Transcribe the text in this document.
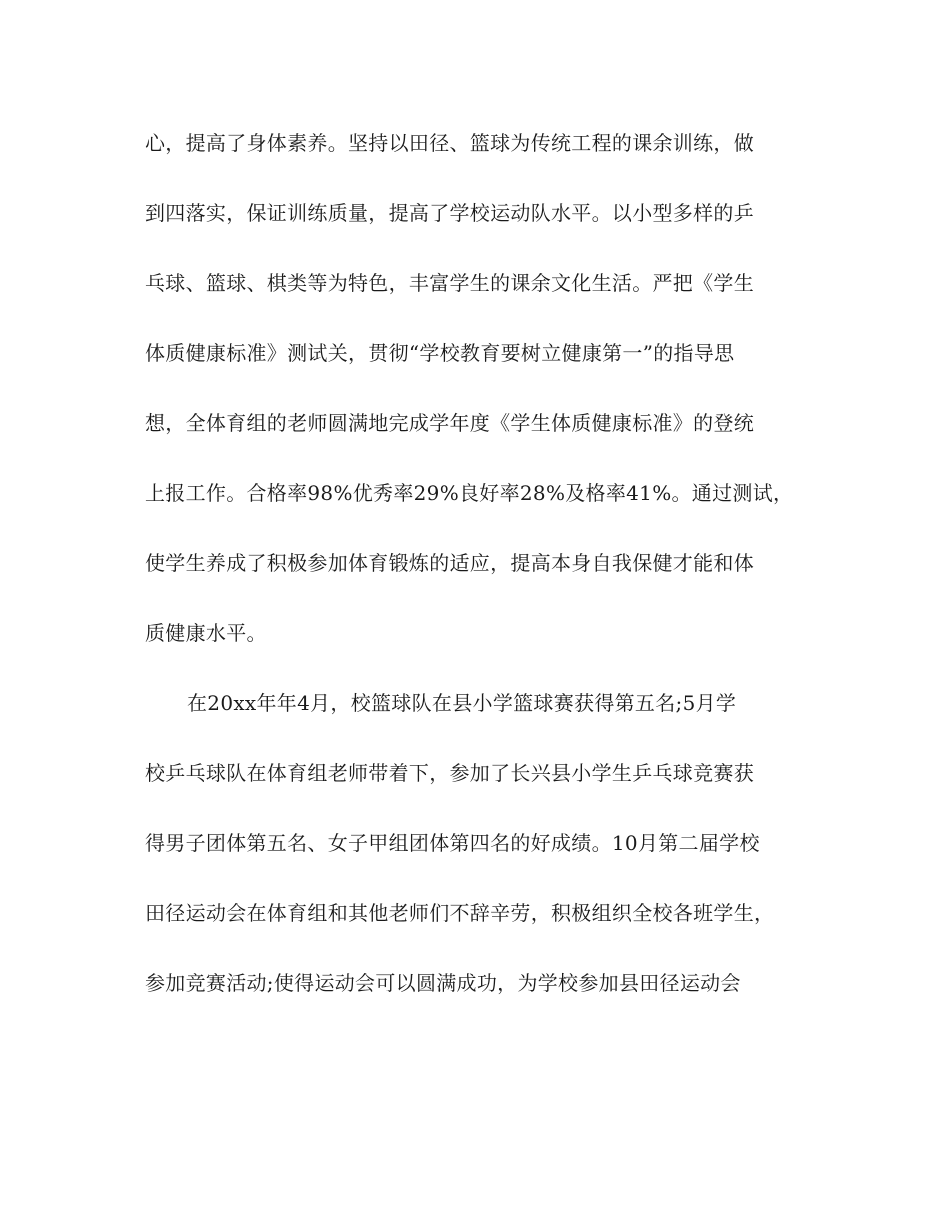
心，提高了身体素养。坚持以田径、篮球为传统工程的课余训练，做
到四落实，保证训练质量，提高了学校运动队水平。以小型多样的乒
乓球、篮球、棋类等为特色，丰富学生的课余文化生活。严把《学生
体质健康标准》测试关，贯彻“学校教育要树立健康第一”的指导思
想，全体育组的老师圆满地完成学年度《学生体质健康标准》的登统
上报工作。合格率98%优秀率29%良好率28%及格率41%。通过测试，
使学生养成了积极参加体育锻炼的适应，提高本身自我保健才能和体
质健康水平。
在20xx年年4月，校篮球队在县小学篮球赛获得第五名;5月学
校乒乓球队在体育组老师带着下，参加了长兴县小学生乒乓球竞赛获
得男子团体第五名、女子甲组团体第四名的好成绩。10月第二届学校
田径运动会在体育组和其他老师们不辞辛劳，积极组织全校各班学生，
参加竞赛活动;使得运动会可以圆满成功，为学校参加县田径运动会
